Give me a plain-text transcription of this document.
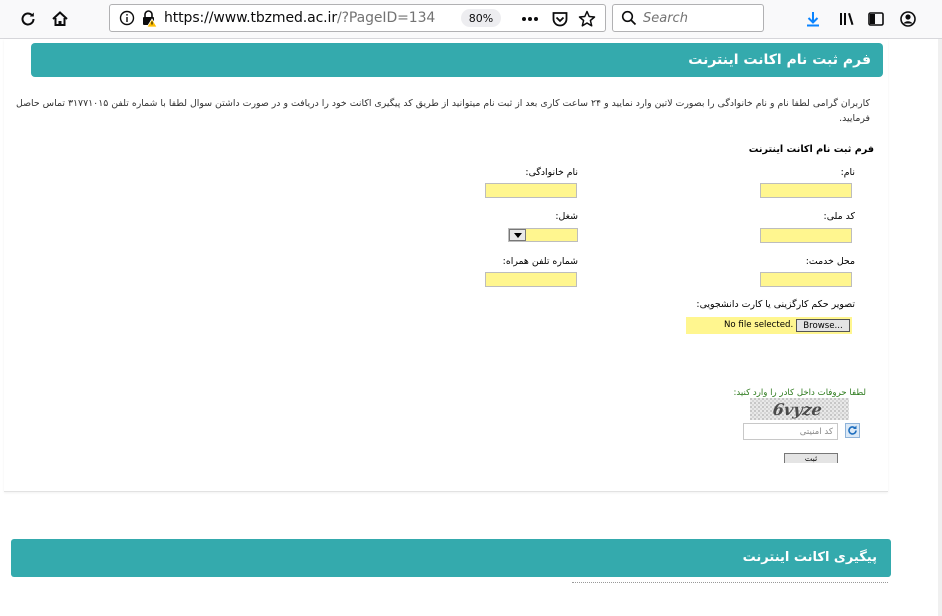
https://www.tbzmed.ac.ir/?PageID=134	80%
Search
فرم ثبت نام اکانت اینترنت
کاربران گرامی لطفا نام و نام خانوادگی را بصورت لاتین وارد نمایید و ۲۴ ساعت کاری بعد از ثبت نام میتوانید از طریق کد پیگیری اکانت خود را دریافت و در صورت داشتن سوال لطفا با شماره تلفن ۳۱۷۷۱۰۱۵ تماس حاصل فرمایید.
فرم ثبت نام اکانت اینترنت
نام:
نام خانوادگی:
کد ملی:
شغل:
محل خدمت:
شماره تلفن همراه:
تصویر حکم کارگزینی یا کارت دانشجویی:
No file selected.	Browse...
لطفا حروفات داخل کادر را وارد کنید:
6vyze
کد امنیتی
ثبت
پیگیری اکانت اینترنت
